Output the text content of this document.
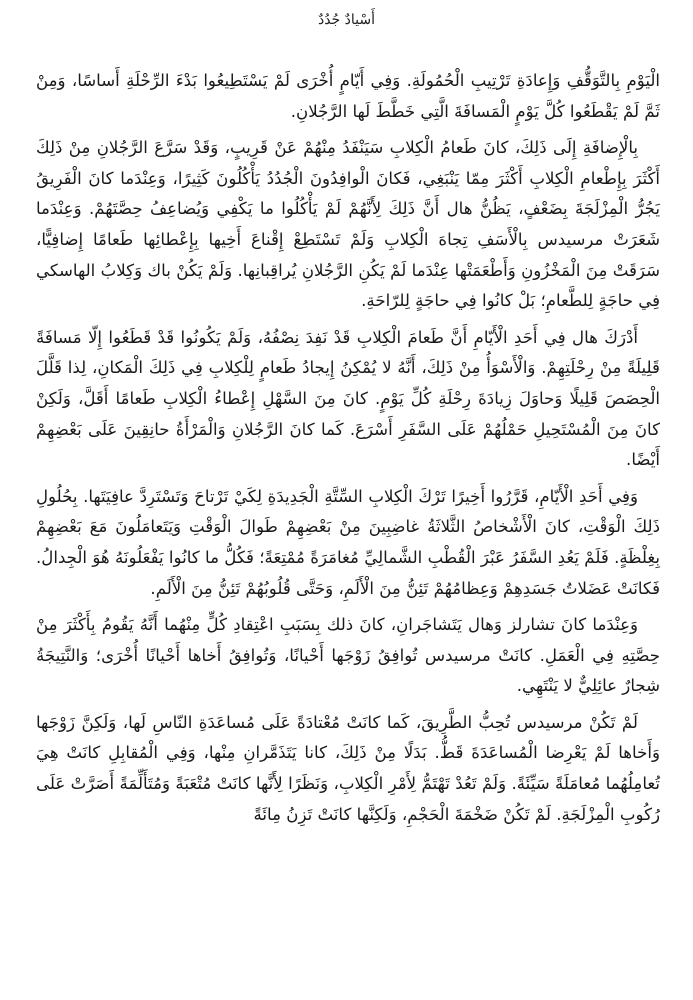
أَسْيادٌ جُدُدٌ

الْيَوْمِ بِالتَّوَقُّفِ وَإِعادَةِ تَرْتِيبِ الْحُمُولَةِ. وَفِي أَيّامٍ أُخْرَى لَمْ يَسْتَطِيعُوا بَدْءَ الرِّحْلَةِ أَساسًا، وَمِنْ ثَمَّ لَمْ يَقْطَعُوا كُلَّ يَوْمٍ الْمَسافَةَ الَّتِي خَطَّطَ لَها الرَّجُلانِ.

بِالْإِضافَةِ إِلَى ذَلِكَ، كانَ طَعامُ الْكِلابِ سَيَنْفَدُ مِنْهُمْ عَنْ قَرِيبٍ، وَقَدْ سَرَّعَ الرَّجُلانِ مِنْ ذَلِكَ أَكْثَرَ بِإِطْعامِ الْكِلابِ أَكْثَرَ مِمّا يَنْبَغِي، فَكانَ الْوافِدُونَ الْجُدُدُ يَأْكُلُونَ كَثِيرًا، وَعِنْدَما كانَ الْفَرِيقُ يَجُرُّ الْمِزْلَجَةَ بِضَعْفٍ، يَظُنُّ هال أَنَّ ذَلِكَ لِأَنَّهُمْ لَمْ يَأْكُلُوا ما يَكْفِي وَيُضاعِفُ حِصَّتَهُمْ. وَعِنْدَما شَعَرَتْ مرسيدس بِالْأَسَفِ تِجاهَ الْكِلابِ وَلَمْ تَسْتَطِعْ إِقْناعَ أَخِيها بِإِعْطائِها طَعامًا إِضافِيًّا، سَرَقَتْ مِنَ الْمَخْزُونِ وَأَطْعَمَتْها عِنْدَما لَمْ يَكُنِ الرَّجُلانِ يُراقِبانِها. وَلَمْ يَكُنْ باك وَكِلابُ الهاسكي فِي حاجَةٍ لِلطَّعامِ؛ بَلْ كانُوا فِي حاجَةٍ لِلرّاحَةِ.

أَدْرَكَ هال فِي أَحَدِ الْأَيّامِ أَنَّ طَعامَ الْكِلابِ قَدْ نَفِدَ نِصْفُهُ، وَلَمْ يَكُونُوا قَدْ قَطَعُوا إِلّا مَسافَةً قَلِيلَةً مِنْ رِحْلَتِهِمْ. وَالْأَسْوَأُ مِنْ ذَلِكَ، أَنَّهُ لا يُمْكِنُ إِيجادُ طَعامٍ لِلْكِلابِ فِي ذَلِكَ الْمَكانِ، لِذا قَلَّلَ الْحِصَصَ قَلِيلًا وَحاوَلَ زِيادَةَ رِحْلَةِ كُلِّ يَوْمٍ. كانَ مِنَ السَّهْلِ إِعْطاءُ الْكِلابِ طَعامًا أَقَلَّ، وَلَكِنْ كانَ مِنَ الْمُسْتَحِيلِ حَمْلُهُمْ عَلَى السَّفَرِ أَسْرَعَ. كَما كانَ الرَّجُلانِ وَالْمَرْأَةُ حانِقِينَ عَلَى بَعْضِهِمْ أَيْضًا.

وَفِي أَحَدِ الْأَيّامِ، قَرَّرُوا أَخِيرًا تَرْكَ الْكِلابِ السِّتَّةِ الْجَدِيدَةِ لِكَيْ تَرْتاحَ وَتَسْتَرِدَّ عافِيَتَها. بِحُلُولِ ذَلِكَ الْوَقْتِ، كانَ الْأَشْخاصُ الثَّلاثَةُ غاضِبِينَ مِنْ بَعْضِهِمْ طَوالَ الْوَقْتِ وَيَتَعامَلُونَ مَعَ بَعْضِهِمْ بِغِلْظَةٍ. فَلَمْ يَعُدِ السَّفَرُ عَبْرَ الْقُطْبِ الشَّمالِيِّ مُغامَرَةً مُمْتِعَةً؛ فَكُلُّ ما كانُوا يَفْعَلُونَهُ هُوَ الْجِدالُ. فَكانَتْ عَضَلاتُ جَسَدِهِمْ وَعِظامُهُمْ تَئِنُّ مِنَ الْأَلَمِ، وَحَتَّى قُلُوبُهُمْ تَئِنُّ مِنَ الْأَلَمِ.

وَعِنْدَما كانَ تشارلز وَهال يَتَشاجَرانِ، كانَ ذلك بِسَبَبِ اعْتِقادِ كُلٍّ مِنْهُما أَنَّهُ يَقُومُ بِأَكْثَرَ مِنْ حِصَّتِهِ فِي الْعَمَلِ. كانَتْ مرسيدس تُوافِقُ زَوْجَها أَحْيانًا، وَتُوافِقُ أَخاها أَحْيانًا أُخْرَى؛ وَالنَّتِيجَةُ شِجارٌ عائِلِيٌّ لا يَنْتَهِي.

لَمْ تَكُنْ مرسيدس تُحِبُّ الطَّرِيقَ، كَما كانَتْ مُعْتادَةً عَلَى مُساعَدَةِ النّاسِ لَها، وَلَكِنَّ زَوْجَها وَأَخاها لَمْ يَعْرِضا الْمُساعَدَةَ قَطُّ. بَدَلًا مِنْ ذَلِكَ، كانا يَتَذَمَّرانِ مِنْها، وَفِي الْمُقابِلِ كانَتْ هِيَ تُعامِلُهُما مُعامَلَةً سَيِّئَةً. وَلَمْ تَعُدْ تَهْتَمُّ لِأَمْرِ الْكِلابِ، وَنَظَرًا لِأَنَّها كانَتْ مُتْعَبَةً وَمُتَأَلِّمَةً أَصَرَّتْ عَلَى رُكُوبِ الْمِزْلَجَةِ. لَمْ تَكُنْ ضَخْمَةَ الْحَجْمِ، وَلَكِنَّها كانَتْ تَزِنُ مِائَةً
